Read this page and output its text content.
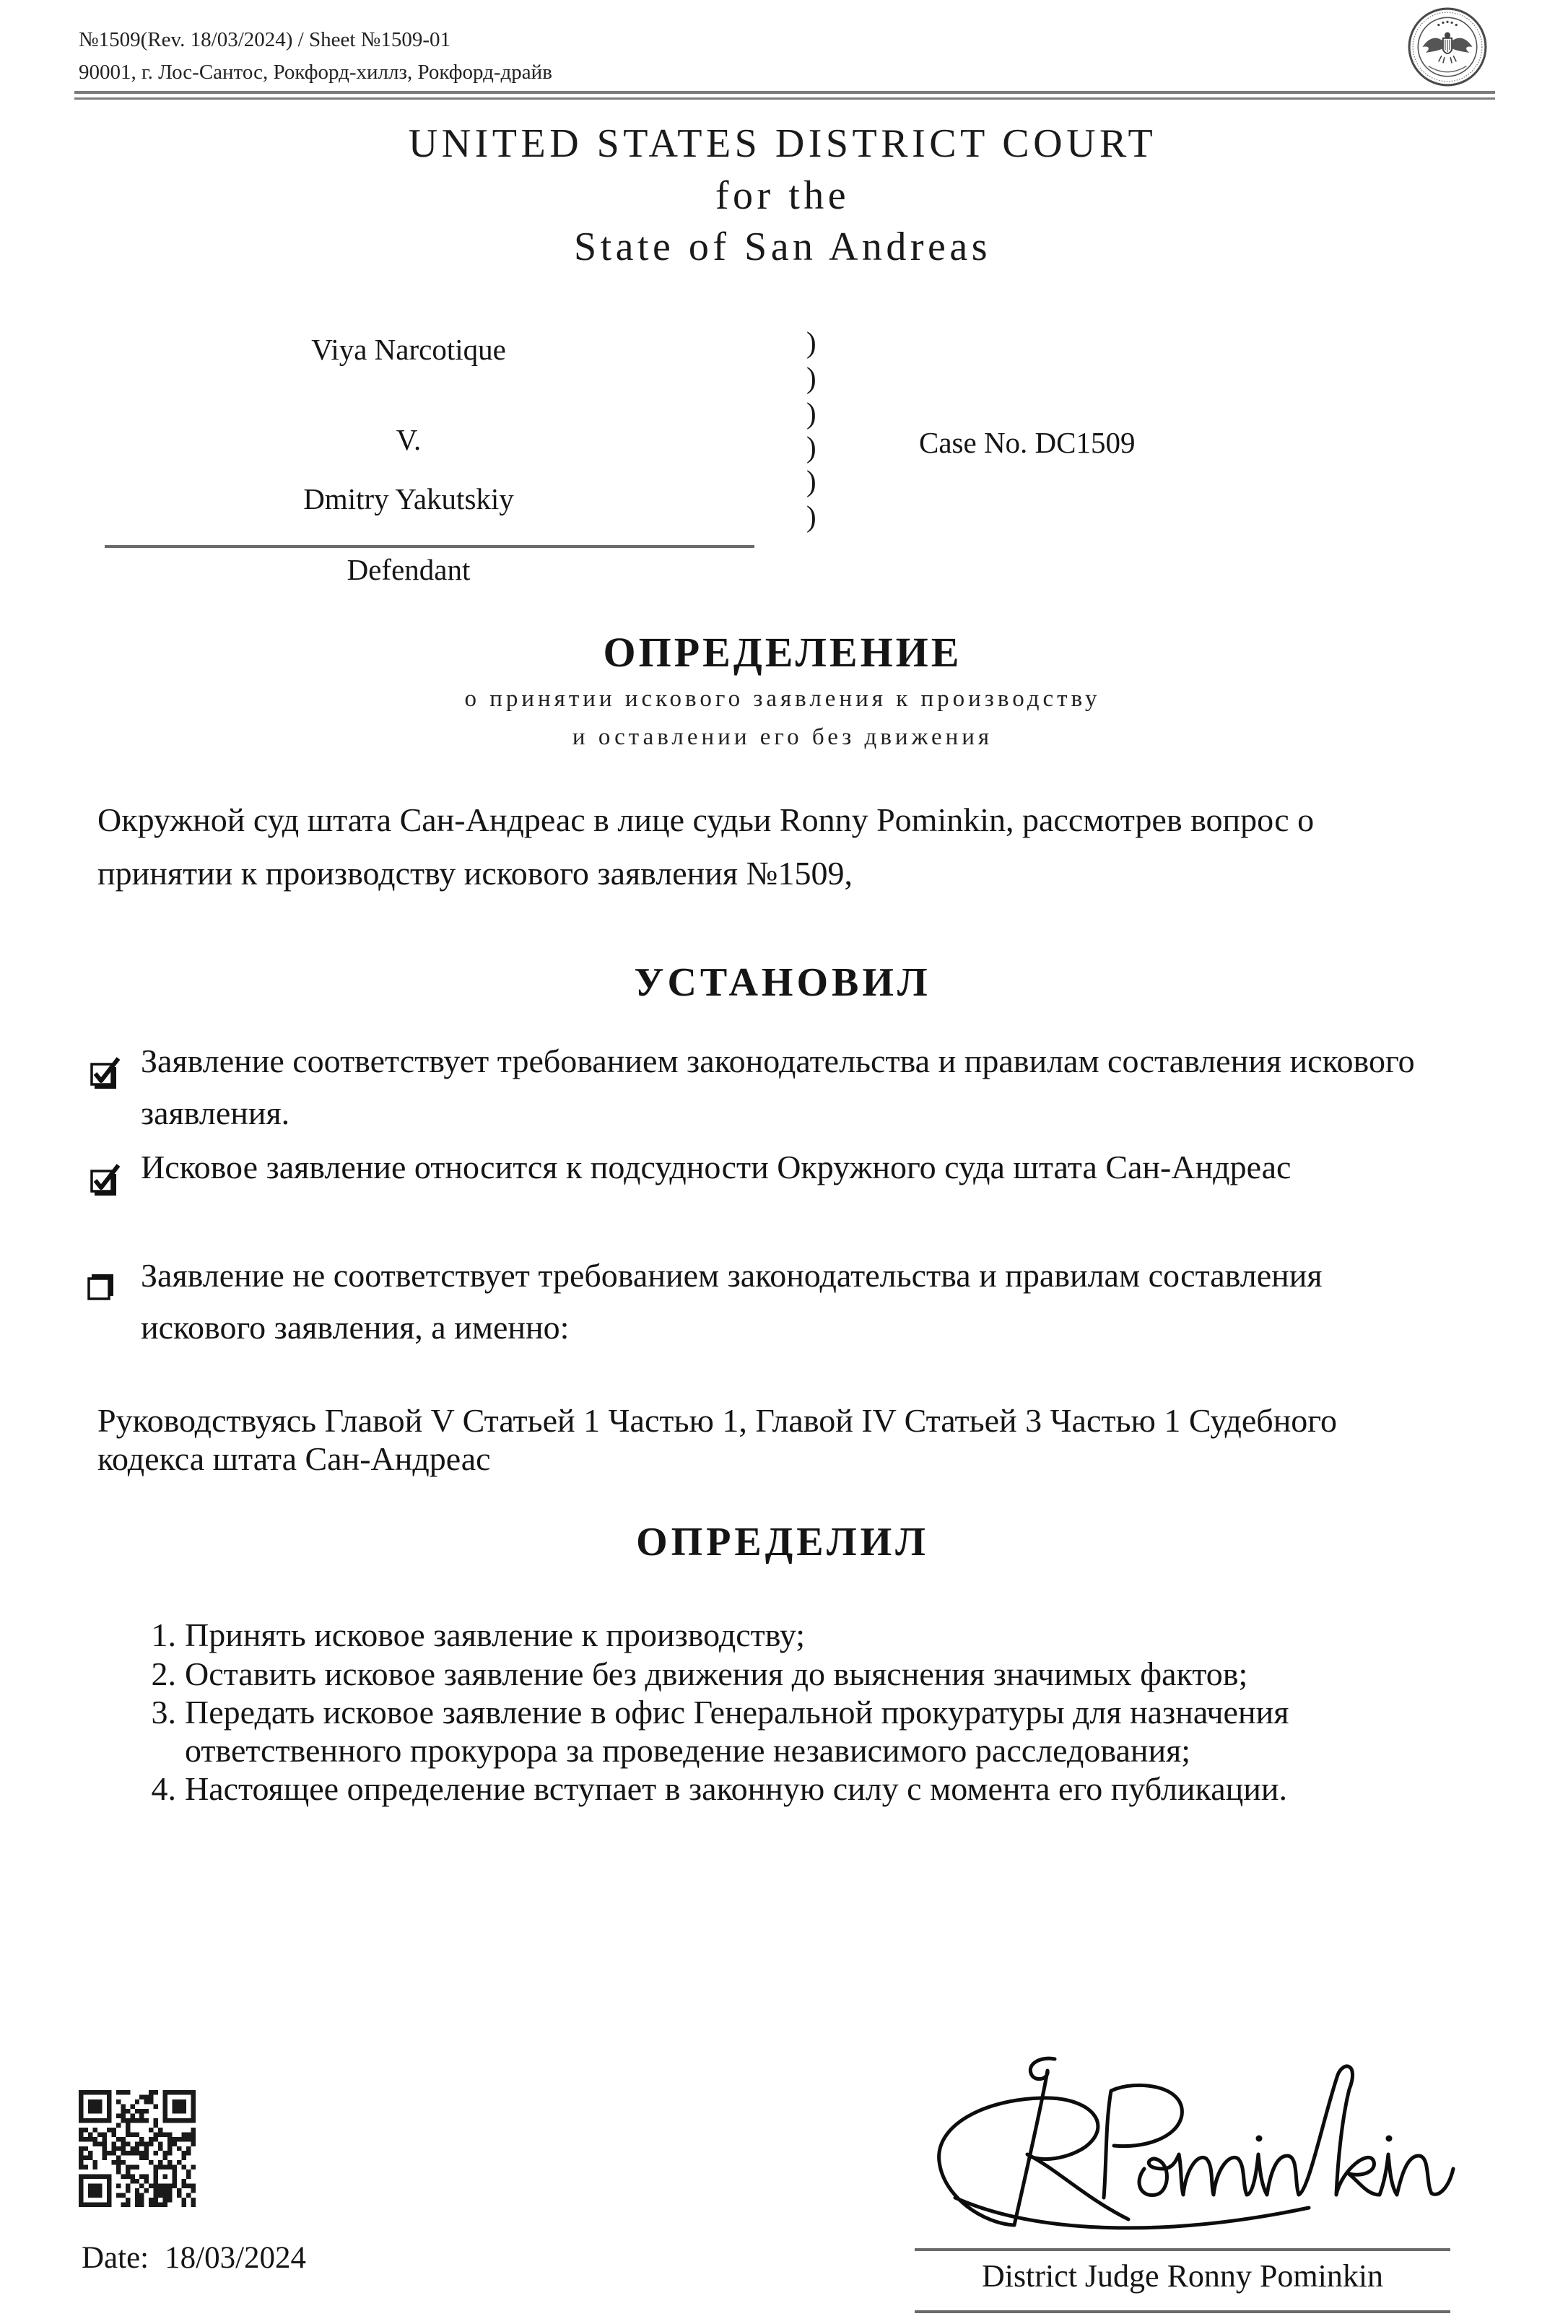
№1509(Rev. 18/03/2024) / Sheet №1509-01
90001, г. Лос-Сантос, Рокфорд-хиллз, Рокфорд-драйв
UNITED STATES DISTRICT COURT
for the
State of San Andreas
Viya Narcotique
V.
Dmitry Yakutskiy
Defendant
)
)
)
)
)
)
Case No. DC1509
ОПРЕДЕЛЕНИЕ
о принятии искового заявления к производству
и оставлении его без движения
Окружной суд штата Сан-Андреас в лице судьи Ronny Pominkin, рассмотрев вопрос о
принятии к производству искового заявления №1509,
УСТАНОВИЛ
Заявление соответствует требованием законодательства и правилам составления искового
заявления.
Исковое заявление относится к подсудности Окружного суда штата Сан-Андреас
Заявление не соответствует требованием законодательства и правилам составления
искового заявления, а именно:
Руководствуясь Главой V Статьей 1 Частью 1, Главой IV Статьей 3 Частью 1 Судебного
кодекса штата Сан-Андреас
ОПРЕДЕЛИЛ
1. Принять исковое заявление к производству;
2. Оставить исковое заявление без движения до выяснения значимых фактов;
3. Передать исковое заявление в офис Генеральной прокуратуры для назначения
ответственного прокурора за проведение независимого расследования;
4. Настоящее определение вступает в законную силу с момента его публикации.
Date: 18/03/2024
District Judge Ronny Pominkin
